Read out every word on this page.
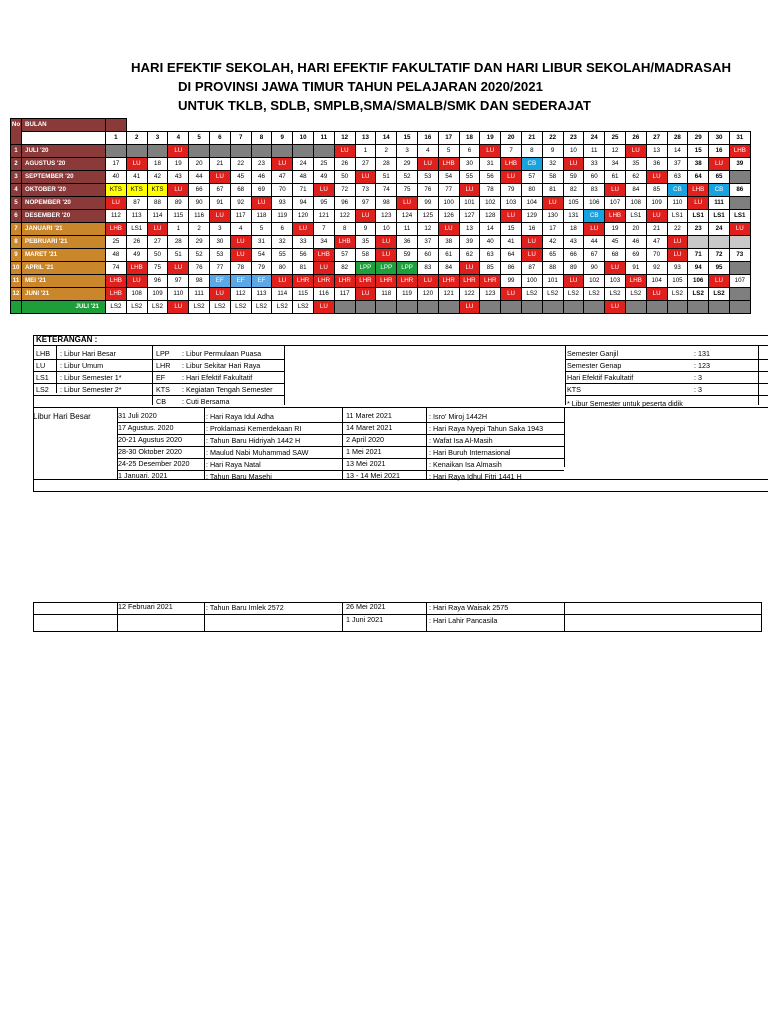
HARI EFEKTIF SEKOLAH, HARI EFEKTIF FAKULTATIF DAN HARI LIBUR SEKOLAH/MADRASAH
DI PROVINSI JAWA TIMUR TAHUN PELAJARAN 2020/2021
UNTUK TKLB, SDLB, SMPLB,SMA/SMALB/SMK DAN SEDERAJAT
No	BULAN																															
		1	2	3	4	5	6	7	8	9	10	11	12	13	14	15	16	17	18	19	20	21	22	23	24	25	26	27	28	29	30	31
1	JULI '20				LU								LU	1	2	3	4	5	6	LU	7	8	9	10	11	12	LU	13	14	15	16	LHB
2	AGUSTUS '20	17	LU	18	19	20	21	22	23	LU	24	25	26	27	28	29	LU	LHB	30	31	LHB	CB	32	LU	33	34	35	36	37	38	LU	39
3	SEPTEMBER '20	40	41	42	43	44	LU	45	46	47	48	49	50	LU	51	52	53	54	55	56	LU	57	58	59	60	61	62	LU	63	64	65	
4	OKTOBER '20	KTS	KTS	KTS	LU	66	67	68	69	70	71	LU	72	73	74	75	76	77	LU	78	79	80	81	82	83	LU	84	85	CB	LHB	CB	86
5	NOPEMBER '20	LU	87	88	89	90	91	92	LU	93	94	95	96	97	98	LU	99	100	101	102	103	104	LU	105	106	107	108	109	110	LU	111	
6	DESEMBER '20	112	113	114	115	116	LU	117	118	119	120	121	122	LU	123	124	125	126	127	128	LU	129	130	131	CB	LHB	LS1	LU	LS1	LS1	LS1	LS1
7	JANUARI '21	LHB	LS1	LU	1	2	3	4	5	6	LU	7	8	9	10	11	12	LU	13	14	15	16	17	18	LU	19	20	21	22	23	24	LU
8	PEBRUARI '21	25	26	27	28	29	30	LU	31	32	33	34	LHB	35	LU	36	37	38	39	40	41	LU	42	43	44	45	46	47	LU			
9	MARET '21	48	49	50	51	52	53	LU	54	55	56	LHB	57	58	LU	59	60	61	62	63	64	LU	65	66	67	68	69	70	LU	71	72	73
10	APRIL '21	74	LHB	75	LU	76	77	78	79	80	81	LU	82	LPP	LPP	LPP	83	84	LU	85	86	87	88	89	90	LU	91	92	93	94	95	
11	MEI '21	LHB	LU	96	97	98	EF	EF	EF	LU	LHR	LHR	LHR	LHR	LHR	LHR	LU	LHR	LHR	LHR	99	100	101	LU	102	103	LHB	104	105	106	LU	107
12	JUNI '21	LHB	108	109	110	111	LU	112	113	114	115	116	117	LU	118	119	120	121	122	123	LU	LS2	LS2	LS2	LS2	LS2	LS2	LU	LS2	LS2	LS2	
	JULI '21	LS2	LS2	LS2	LU	LS2	LS2	LS2	LS2	LS2	LS2	LU							LU							LU						
KETERANGAN :
LHB : Libur Hari Besar
LU : Libur Umum
LS1 : Libur Semester 1*
LS2 : Libur Semester 2*
LPP : Libur Permulaan Puasa
LHR : Libur Sekitar Hari Raya
EF : Hari Efektif Fakultatif
KTS : Kegiatan Tengah Semester
CB : Cuti Bersama
Semester Ganjil	: 131
Semester Genap	: 123
Hari Efektif Fakultatif	: 3
KTS	: 3
* Libur Semester untuk peserta didik
Libur Hari Besar	31 Juli 2020	: Hari Raya Idul Adha
17 Agustus. 2020	: Proklamasi Kemerdekaan RI
20-21 Agustus 2020	: Tahun Baru Hidriyah 1442 H
28-30 Oktober 2020	: Maulud Nabi Muhammad SAW
24-25 Desember 2020 : Hari Raya Natal
1 Januari. 2021	: Tahun Baru Masehi
11 Maret 2021	: Isro' Miroj 1442H
14 Maret 2021	: Hari Raya Nyepi Tahun Saka 1943
2 April 2020	: Wafat Isa Al-Masih
1 Mei 2021	: Hari Buruh Internasional
13 Mei 2021	: Kenaikan Isa Almasih
13 - 14 Mei 2021	: Hari Raya Idhul Fitri 1441 H
12 Februari 2021	: Tahun Baru Imlek 2572	26 Mei 2021	: Hari Raya Waisak 2575
1 Juni 2021	: Hari Lahir Pancasila
